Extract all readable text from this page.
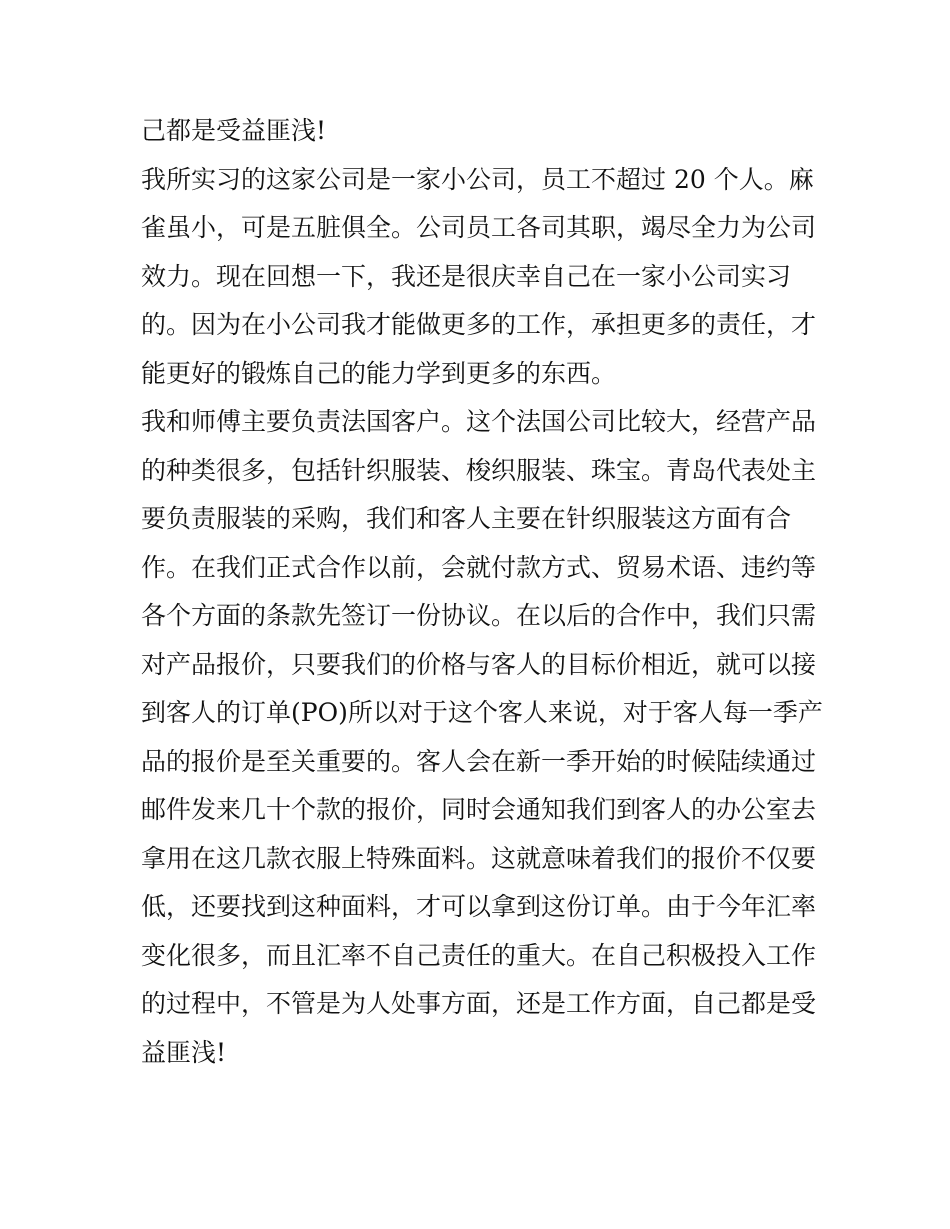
己都是受益匪浅!
我所实习的这家公司是一家小公司，员工不超过 20 个人。麻
雀虽小，可是五脏俱全。公司员工各司其职，竭尽全力为公司
效力。现在回想一下，我还是很庆幸自己在一家小公司实习
的。因为在小公司我才能做更多的工作，承担更多的责任，才
能更好的锻炼自己的能力学到更多的东西。
我和师傅主要负责法国客户。这个法国公司比较大，经营产品
的种类很多，包括针织服装、梭织服装、珠宝。青岛代表处主
要负责服装的采购，我们和客人主要在针织服装这方面有合
作。在我们正式合作以前，会就付款方式、贸易术语、违约等
各个方面的条款先签订一份协议。在以后的合作中，我们只需
对产品报价，只要我们的价格与客人的目标价相近，就可以接
到客人的订单(PO)所以对于这个客人来说，对于客人每一季产
品的报价是至关重要的。客人会在新一季开始的时候陆续通过
邮件发来几十个款的报价，同时会通知我们到客人的办公室去
拿用在这几款衣服上特殊面料。这就意味着我们的报价不仅要
低，还要找到这种面料，才可以拿到这份订单。由于今年汇率
变化很多，而且汇率不自己责任的重大。在自己积极投入工作
的过程中，不管是为人处事方面，还是工作方面，自己都是受
益匪浅!
